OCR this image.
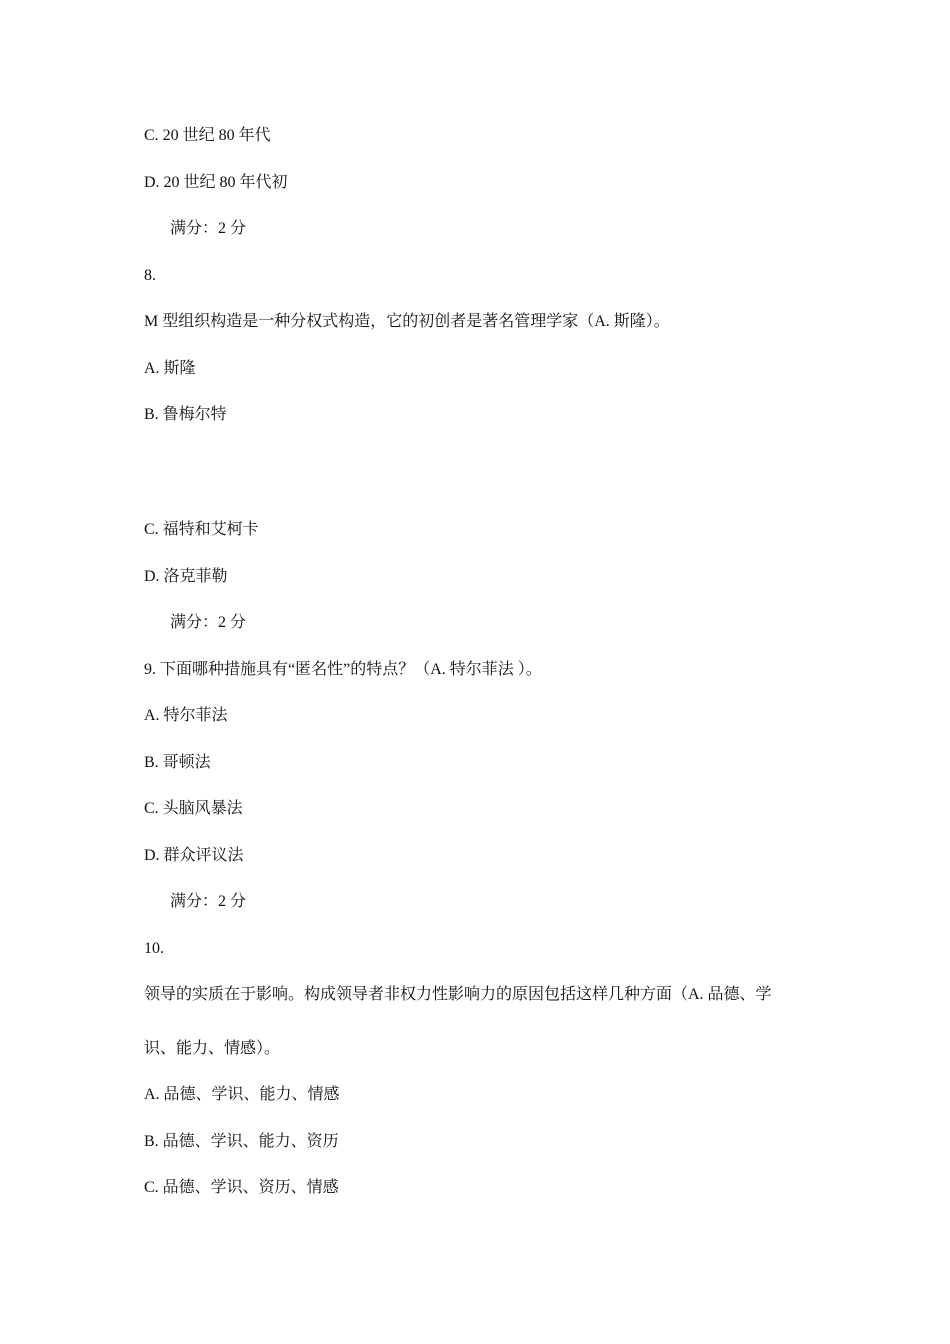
C. 20 世纪 80 年代
D. 20 世纪 80 年代初
满分：2 分
8.
M 型组织构造是一种分权式构造，它的初创者是著名管理学家（A. 斯隆）。
A. 斯隆
B. 鲁梅尔特
C. 福特和艾柯卡
D. 洛克菲勒
满分：2 分
9. 下面哪种措施具有“匿名性”的特点？（A. 特尔菲法 ）。
A. 特尔菲法
B. 哥顿法
C. 头脑风暴法
D. 群众评议法
满分：2 分
10.
领导的实质在于影响。构成领导者非权力性影响力的原因包括这样几种方面（A. 品德、学
识、能力、情感）。
A. 品德、学识、能力、情感
B. 品德、学识、能力、资历
C. 品德、学识、资历、情感
